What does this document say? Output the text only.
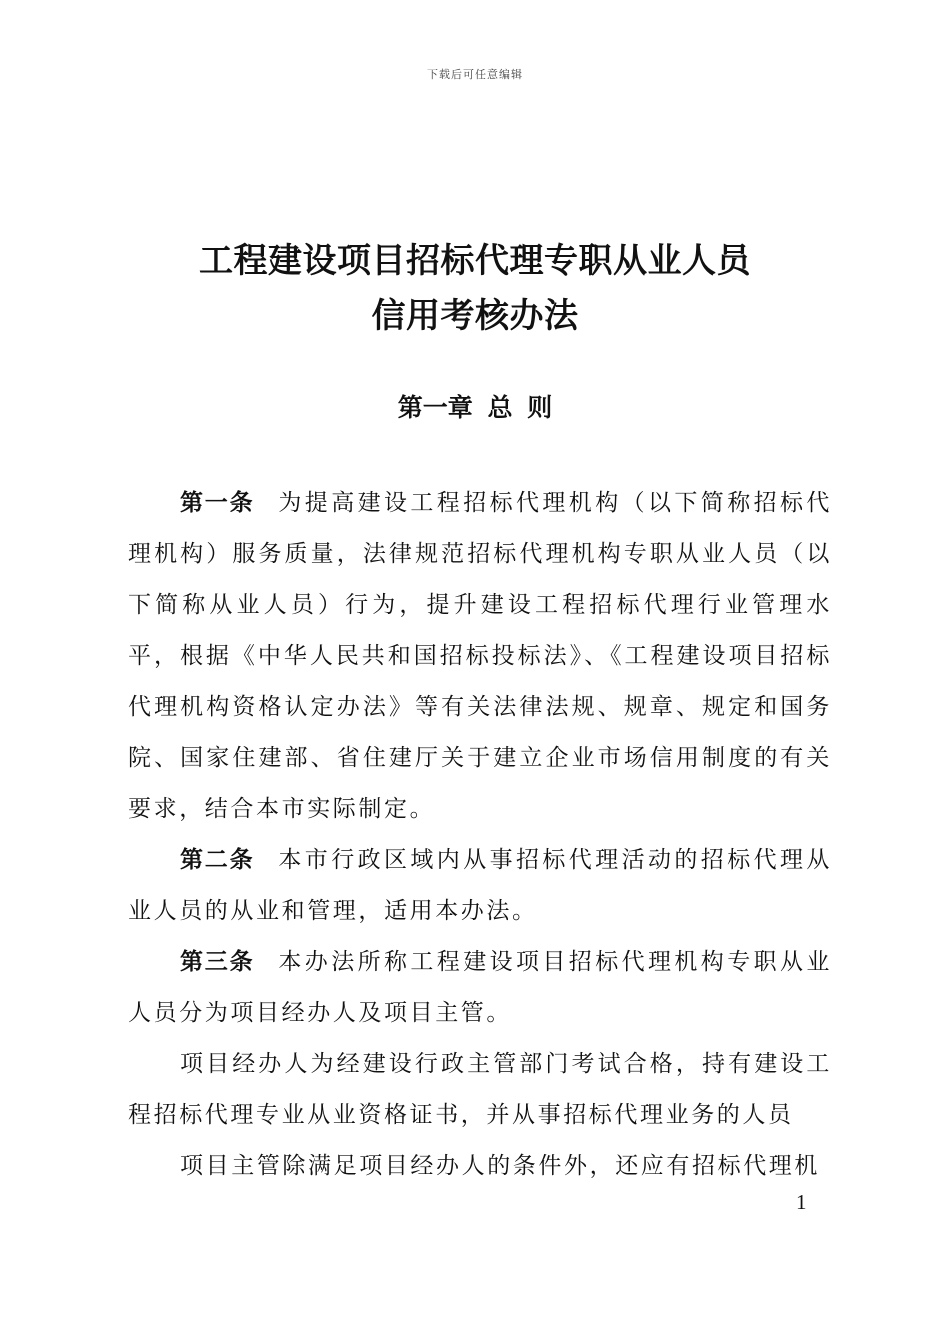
下载后可任意编辑
工程建设项目招标代理专职从业人员
信用考核办法
第一章 总 则

第一条 为提高建设工程招标代理机构（以下简称招标代理机构）服务质量，法律规范招标代理机构专职从业人员（以下简称从业人员）行为，提升建设工程招标代理行业管理水平，根据《中华人民共和国招标投标法》、《工程建设项目招标代理机构资格认定办法》等有关法律法规、规章、规定和国务院、国家住建部、省住建厅关于建立企业市场信用制度的有关要求，结合本市实际制定。

第二条 本市行政区域内从事招标代理活动的招标代理从业人员的从业和管理，适用本办法。

第三条 本办法所称工程建设项目招标代理机构专职从业人员分为项目经办人及项目主管。

项目经办人为经建设行政主管部门考试合格，持有建设工程招标代理专业从业资格证书，并从事招标代理业务的人员

项目主管除满足项目经办人的条件外，还应有招标代理机

1
